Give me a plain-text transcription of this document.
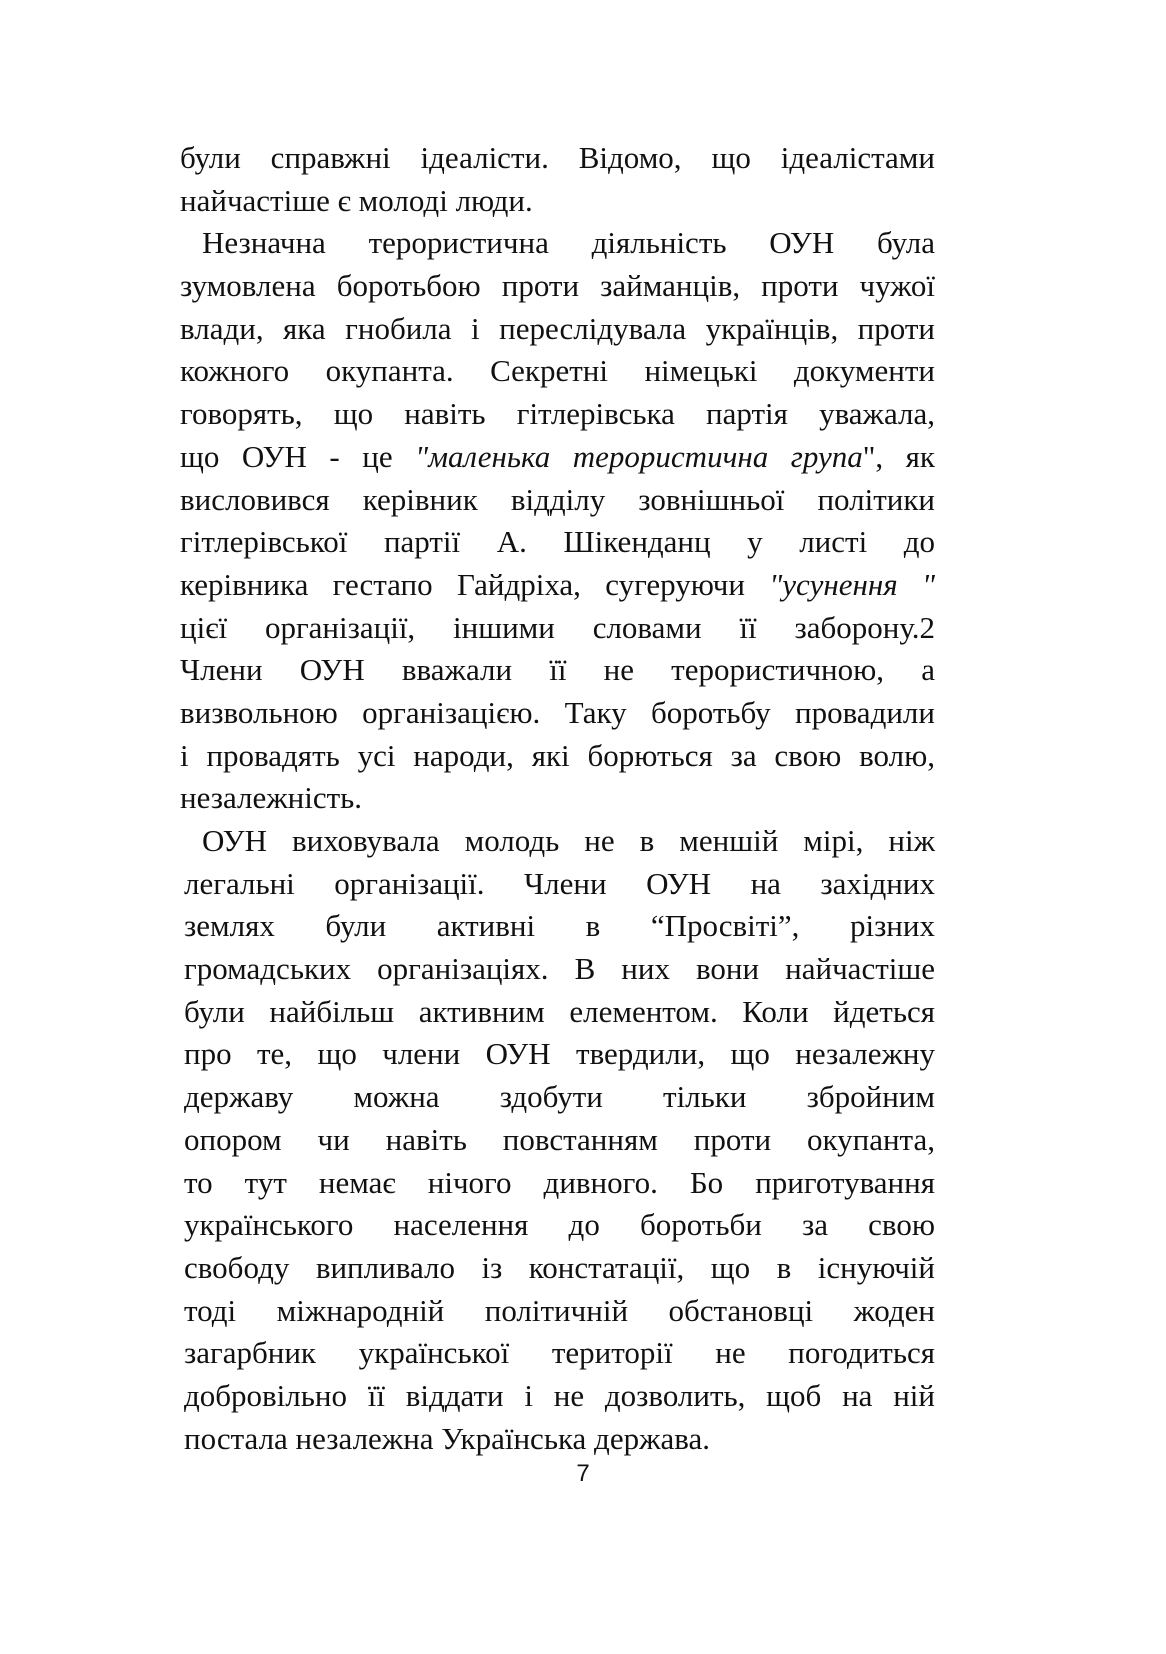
були справжні ідеалісти. Відомо, що ідеалістами
найчастіше є молоді люди.
Незначна терористична діяльність ОУН була
зумовлена боротьбою проти займанців, проти чужої
влади, яка гнобила і переслідувала українців, проти
кожного окупанта. Секретні німецькі документи
говорять, що навіть гітлерівська партія уважала,
що ОУН - це "маленька терористична група", як
висловився керівник відділу зовнішньої політики
гітлерівської партії А. Шікенданц у листі до
керівника гестапо Гайдріха, сугеруючи "усунення "
цієї організації, іншими словами її заборону.2
Члени ОУН вважали її не терористичною, а
визвольною організацією. Таку боротьбу провадили
і провадять усі народи, які борються за свою волю,
незалежність.
ОУН виховувала молодь не в меншій мірі, ніж
легальні організації. Члени ОУН на західних
землях були активні в “Просвіті”, різних
громадських організаціях. В них вони найчастіше
були найбільш активним елементом. Коли йдеться
про те, що члени ОУН твердили, що незалежну
державу можна здобути тільки збройним
опором чи навіть повстанням проти окупанта,
то тут немає нічого дивного. Бо приготування
українського населення до боротьби за свою
свободу випливало із констатації, що в існуючій
тоді міжнародній політичній обстановці жоден
загарбник української території не погодиться
добровільно її віддати і не дозволить, щоб на ній
постала незалежна Українська держава.
7
